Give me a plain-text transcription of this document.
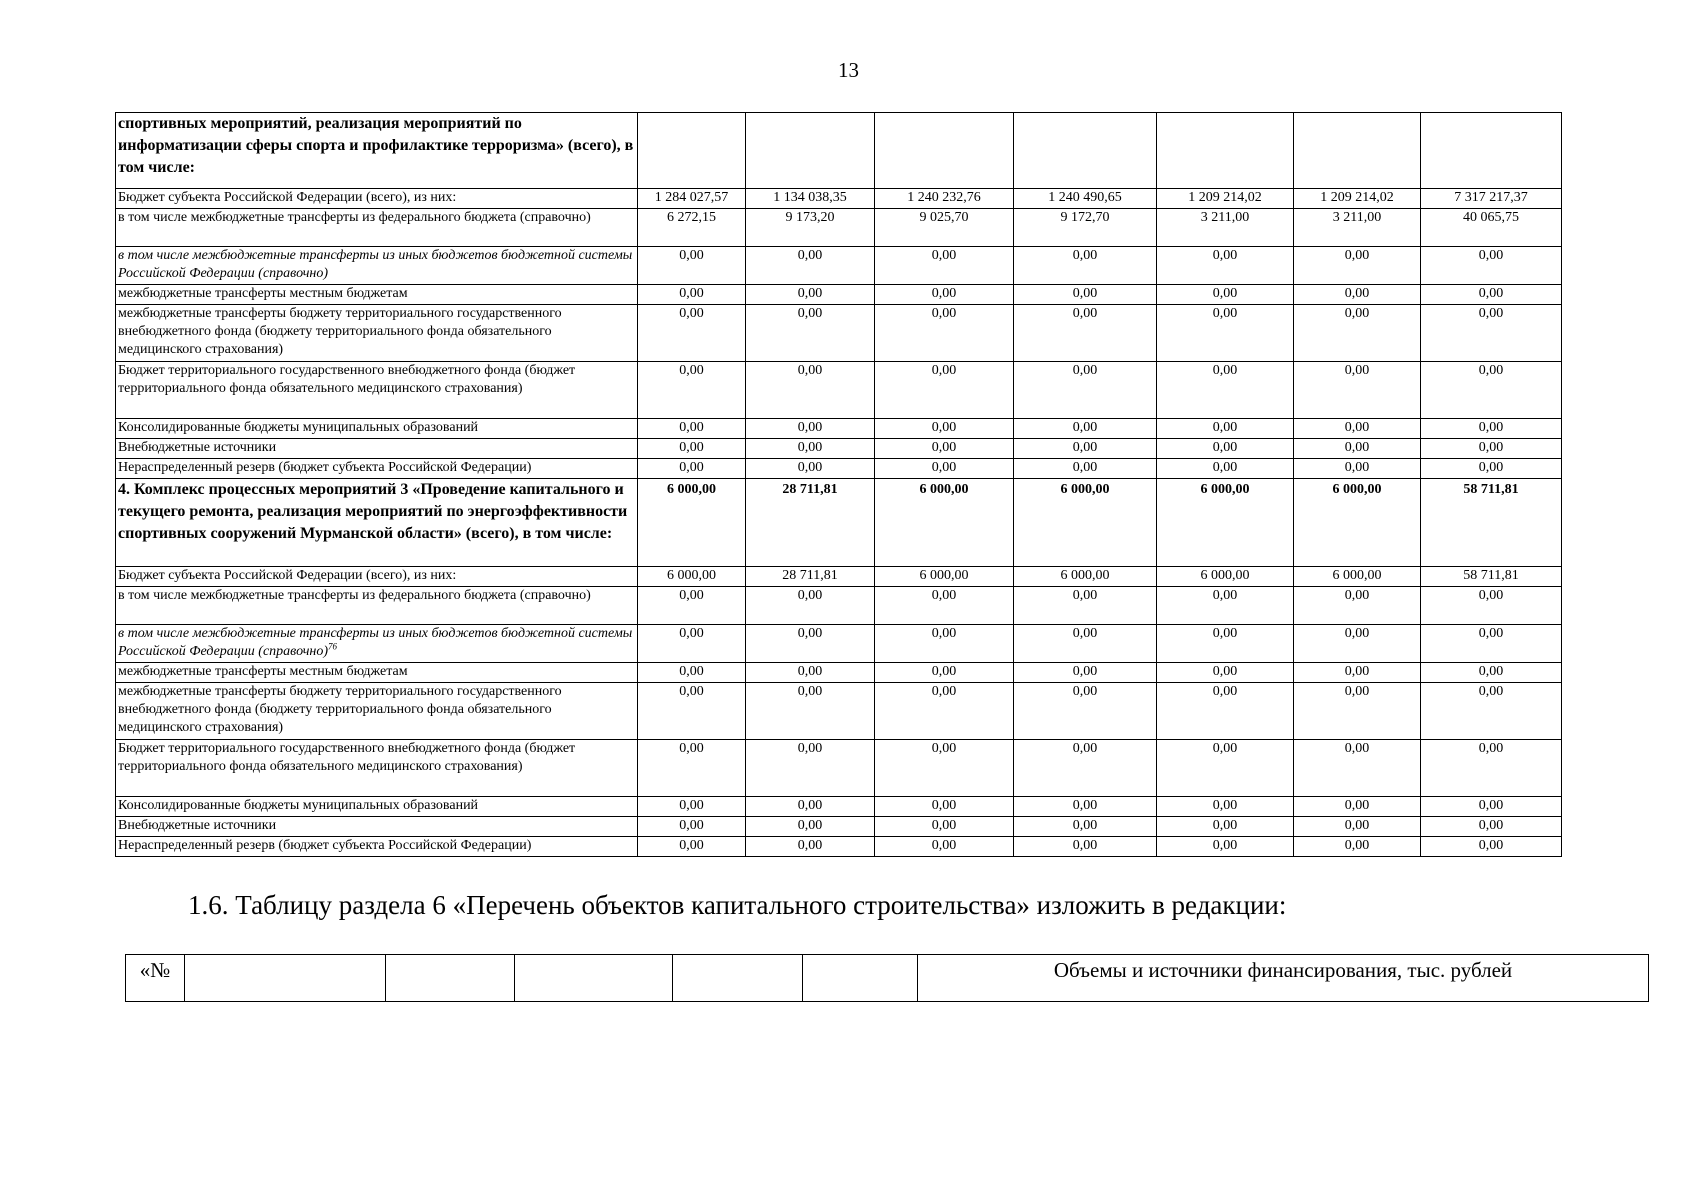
13
спортивных мероприятий, реализация мероприятий по информатизации сферы спорта и профилактике терроризма» (всего), в том числе:							
Бюджет субъекта Российской Федерации (всего), из них:	1 284 027,57	1 134 038,35	1 240 232,76	1 240 490,65	1 209 214,02	1 209 214,02	7 317 217,37
в том числе межбюджетные трансферты из федерального бюджета (справочно)	6 272,15	9 173,20	9 025,70	9 172,70	3 211,00	3 211,00	40 065,75
в том числе межбюджетные трансферты из иных бюджетов бюджетной системы Российской Федерации (справочно)	0,00	0,00	0,00	0,00	0,00	0,00	0,00
межбюджетные трансферты местным бюджетам	0,00	0,00	0,00	0,00	0,00	0,00	0,00
межбюджетные трансферты бюджету территориального государственного внебюджетного фонда (бюджету территориального фонда обязательного медицинского страхования)	0,00	0,00	0,00	0,00	0,00	0,00	0,00
Бюджет территориального государственного внебюджетного фонда (бюджет территориального фонда обязательного медицинского страхования)	0,00	0,00	0,00	0,00	0,00	0,00	0,00
Консолидированные бюджеты муниципальных образований	0,00	0,00	0,00	0,00	0,00	0,00	0,00
Внебюджетные источники	0,00	0,00	0,00	0,00	0,00	0,00	0,00
Нераспределенный резерв (бюджет субъекта Российской Федерации)	0,00	0,00	0,00	0,00	0,00	0,00	0,00
4. Комплекс процессных мероприятий 3 «Проведение капитального и текущего ремонта, реализация мероприятий по энергоэффективности спортивных сооружений Мурманской области» (всего), в том числе:	6 000,00	28 711,81	6 000,00	6 000,00	6 000,00	6 000,00	58 711,81
Бюджет субъекта Российской Федерации (всего), из них:	6 000,00	28 711,81	6 000,00	6 000,00	6 000,00	6 000,00	58 711,81
в том числе межбюджетные трансферты из федерального бюджета (справочно)	0,00	0,00	0,00	0,00	0,00	0,00	0,00
в том числе межбюджетные трансферты из иных бюджетов бюджетной системы Российской Федерации (справочно)$^{76}$	0,00	0,00	0,00	0,00	0,00	0,00	0,00
межбюджетные трансферты местным бюджетам	0,00	0,00	0,00	0,00	0,00	0,00	0,00
межбюджетные трансферты бюджету территориального государственного внебюджетного фонда (бюджету территориального фонда обязательного медицинского страхования)	0,00	0,00	0,00	0,00	0,00	0,00	0,00
Бюджет территориального государственного внебюджетного фонда (бюджет территориального фонда обязательного медицинского страхования)	0,00	0,00	0,00	0,00	0,00	0,00	0,00
Консолидированные бюджеты муниципальных образований	0,00	0,00	0,00	0,00	0,00	0,00	0,00
Внебюджетные источники	0,00	0,00	0,00	0,00	0,00	0,00	0,00
Нераспределенный резерв (бюджет субъекта Российской Федерации)	0,00	0,00	0,00	0,00	0,00	0,00	0,00
1.6. Таблицу раздела 6 «Перечень объектов капитального строительства» изложить в редакции:
«№						Объемы и источники финансирования, тыс. рублей
